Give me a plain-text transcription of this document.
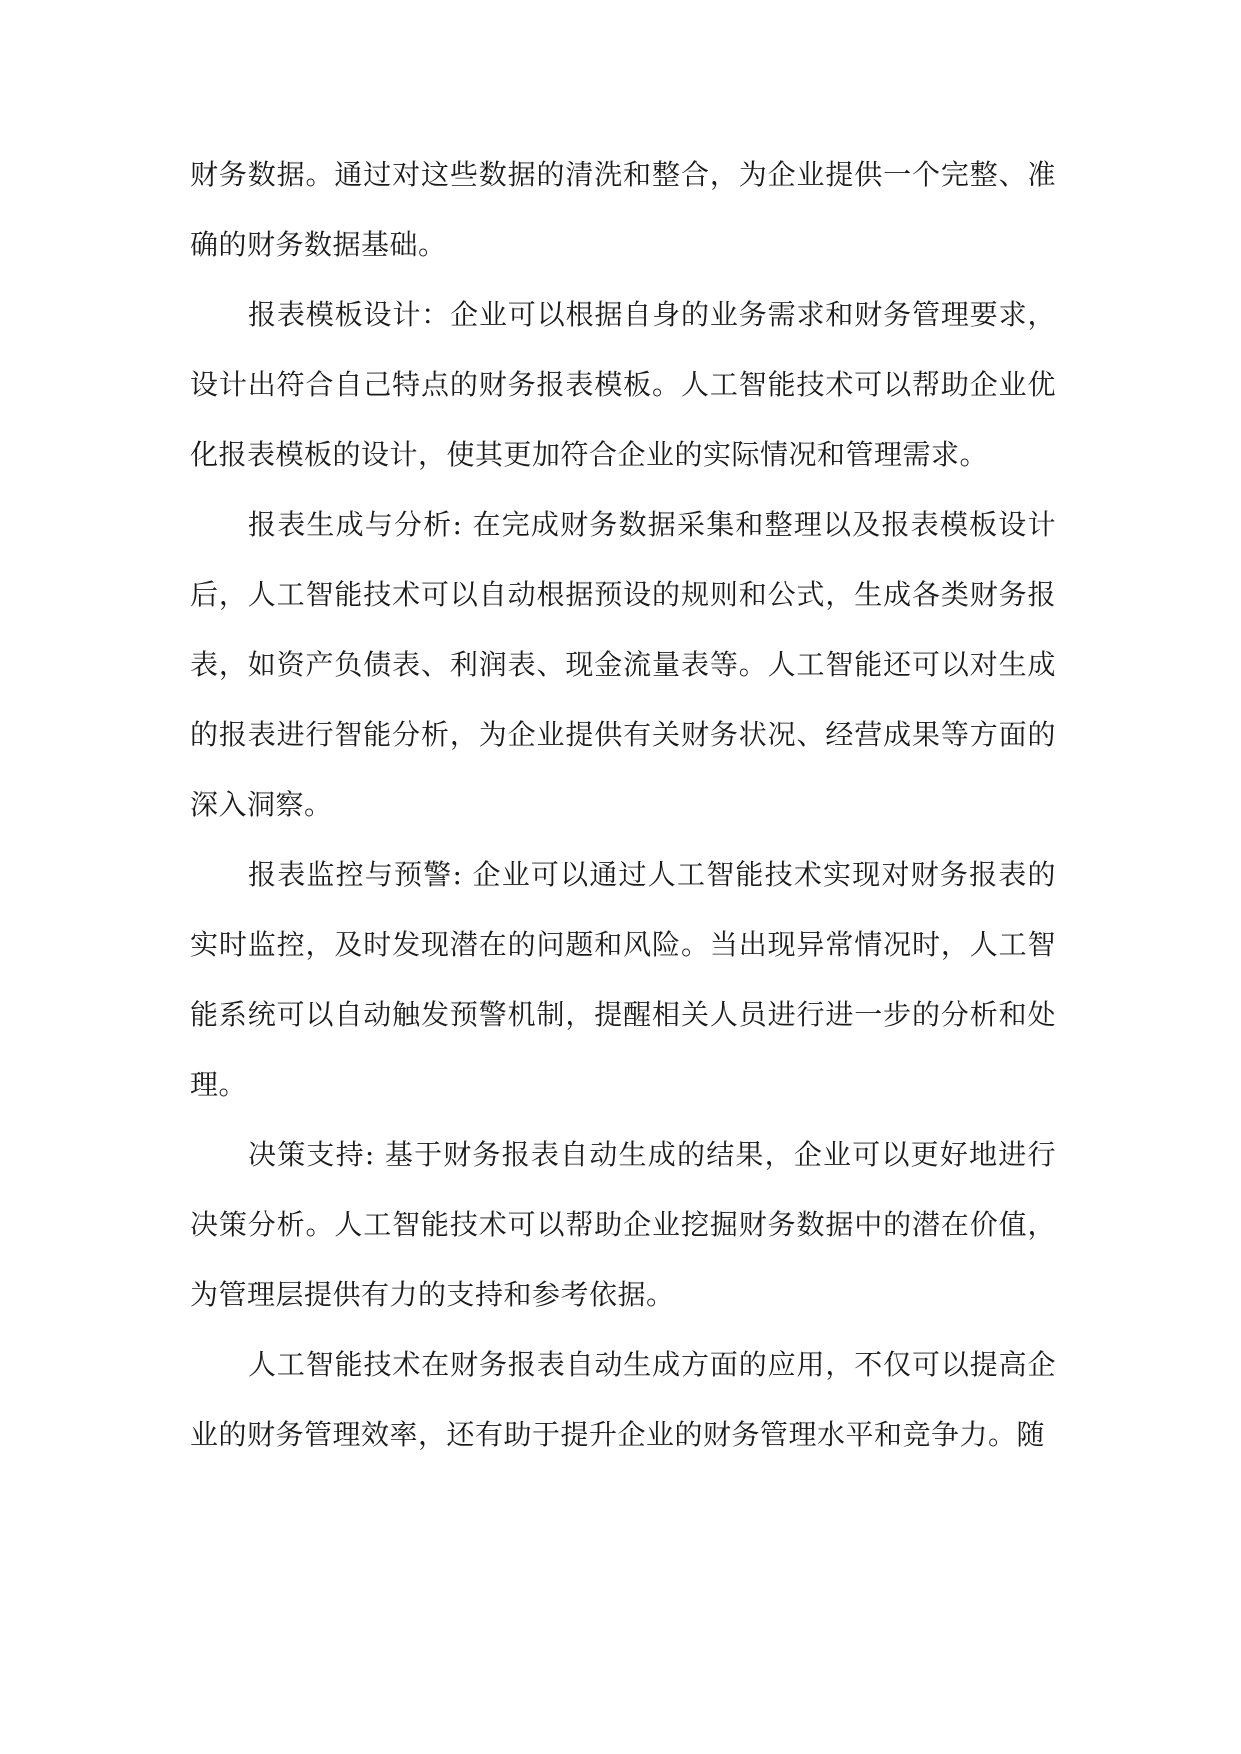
财务数据。通过对这些数据的清洗和整合，为企业提供一个完整、准确的财务数据基础。

报表模板设计：企业可以根据自身的业务需求和财务管理要求，设计出符合自己特点的财务报表模板。人工智能技术可以帮助企业优化报表模板的设计，使其更加符合企业的实际情况和管理需求。

报表生成与分析: 在完成财务数据采集和整理以及报表模板设计后，人工智能技术可以自动根据预设的规则和公式，生成各类财务报表，如资产负债表、利润表、现金流量表等。人工智能还可以对生成的报表进行智能分析，为企业提供有关财务状况、经营成果等方面的深入洞察。

报表监控与预警: 企业可以通过人工智能技术实现对财务报表的实时监控，及时发现潜在的问题和风险。当出现异常情况时，人工智能系统可以自动触发预警机制，提醒相关人员进行进一步的分析和处理。

决策支持: 基于财务报表自动生成的结果，企业可以更好地进行决策分析。人工智能技术可以帮助企业挖掘财务数据中的潜在价值，为管理层提供有力的支持和参考依据。

人工智能技术在财务报表自动生成方面的应用，不仅可以提高企业的财务管理效率，还有助于提升企业的财务管理水平和竞争力。随
